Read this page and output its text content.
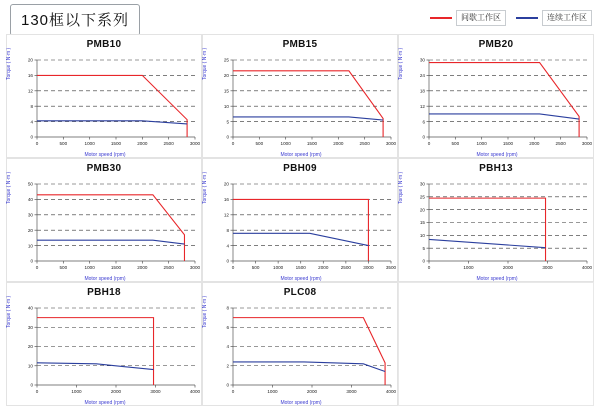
130框以下系列	间歇工作区	连续工作区
PMB10
Torque ( N·m )
Motor speed (rpm)
0
4
8
12
16
20
0	500	1000	1500	2000	2500	3000
PMB15
Torque ( N·m )
Motor speed (rpm)
0
5
10
15
20
25
0	500	1000	1500	2000	2500	3000
PMB20
Torque ( N·m )
Motor speed (rpm)
0
6
12
18
24
30
0	500	1000	1500	2000	2500	3000
PMB30
Torque ( N·m )
Motor speed (rpm)
0
10
20
30
40
50
0	500	1000	1500	2000	2500	3000
PBH09
Torque ( N·m )
Motor speed (rpm)
0
4
8
12
16
20
0	500	1000	1500	2000	2500	3000	3500
PBH13
Torque ( N·m )
Motor speed (rpm)
0
5
10
15
20
25
30
0	1000	2000	3000	4000
PBH18
Torque ( N·m )
Motor speed (rpm)
0
10
20
30
40
0	1000	2000	3000	4000
PLC08
Torque ( N·m )
Motor speed (rpm)
0
2
4
6
8
0	1000	2000	3000	4000
